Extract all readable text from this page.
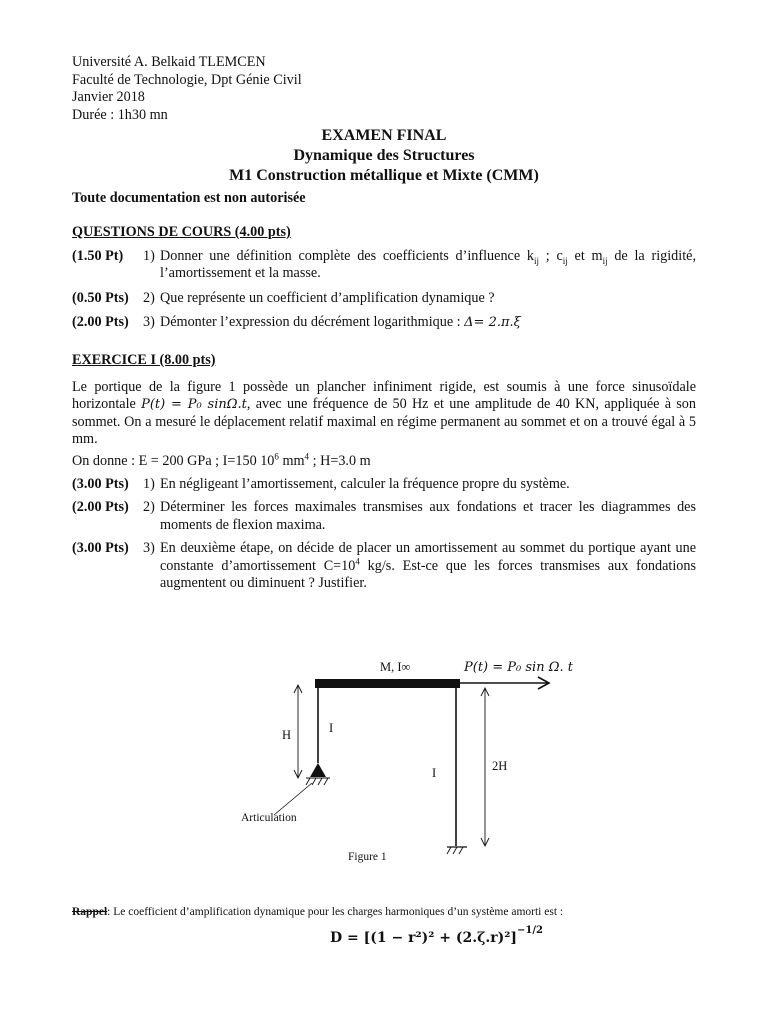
Université A. Belkaid TLEMCEN
Faculté de Technologie, Dpt Génie Civil
Janvier 2018
Durée : 1h30 mn
EXAMEN FINAL
Dynamique des Structures
M1 Construction métallique et Mixte (CMM)
Toute documentation est non autorisée
QUESTIONS DE COURS (4.00 pts)
(1.50 Pt)	1) Donner une définition complète des coefficients d’influence $k_{ij}$ ; $c_{ij}$ et $m_{ij}$ de la rigidité, l’amortissement et la masse.
(0.50 Pts)	2) Que représente un coefficient d’amplification dynamique ?
(2.00 Pts)	3) Démonter l’expression du décrément logarithmique : Δ= 2.π.ξ
EXERCICE I (8.00 pts)
Le portique de la figure 1 possède un plancher infiniment rigide, est soumis à une force sinusoïdale horizontale P(t) = P₀ sinΩ.t, avec une fréquence de 50 Hz et une amplitude de 40 KN, appliquée à son sommet. On a mesuré le déplacement relatif maximal en régime permanent au sommet et on a trouvé égal à 5 mm.
On donne : E = 200 GPa ; I=150 $10^6$ $mm^4$ ; H=3.0 m
(3.00 Pts)	1) En négligeant l’amortissement, calculer la fréquence propre du système.
(2.00 Pts)	2) Déterminer les forces maximales transmises aux fondations et tracer les diagrammes des moments de flexion maxima.
(3.00 Pts)	3) En deuxième étape, on décide de placer un amortissement au sommet du portique ayant une constante d’amortissement $C=10^4$ kg/s. Est-ce que les forces transmises aux fondations augmentent ou diminuent ? Justifier.
M, I∞	P(t) = P₀ sin Ω. t
H	I
I	2H
Articulation
Figure 1
Rappel: Le coefficient d’amplification dynamique pour les charges harmoniques d’un système amorti est :
$D = [(1 - r^2)^2 + (2.\zeta.r)^2]^{-1/2}$
